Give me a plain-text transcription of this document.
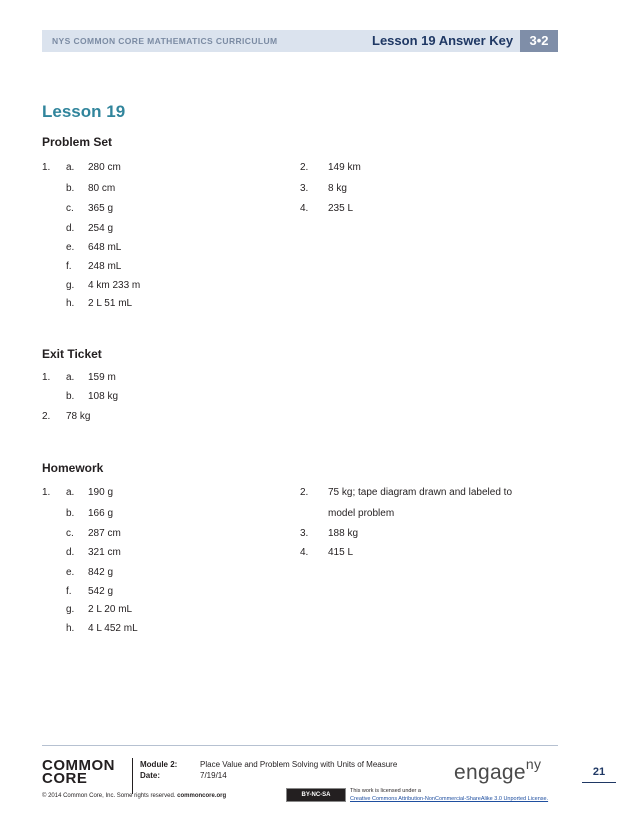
NYS COMMON CORE MATHEMATICS CURRICULUM	Lesson 19 Answer Key	3•2
Lesson 19
Problem Set
1. a. 280 cm
b. 80 cm
c. 365 g
d. 254 g
e. 648 mL
f. 248 mL
g. 4 km 233 m
h. 2 L 51 mL
2. 149 km
3. 8 kg
4. 235 L
Exit Ticket
1. a. 159 m
b. 108 kg
2. 78 kg
Homework
1. a. 190 g
b. 166 g
c. 287 cm
d. 321 cm
e. 842 g
f. 542 g
g. 2 L 20 mL
h. 4 L 452 mL
2. 75 kg; tape diagram drawn and labeled to
model problem
3. 188 kg
4. 415 L
COMMON
CORE
Module 2:	Place Value and Problem Solving with Units of Measure
Date:	7/19/14	engage$^{ny}$	21
© 2014 Common Core, Inc. Some rights reserved. commoncore.org	BY-NC-SA
This work is licensed under a
Creative Commons Attribution-NonCommercial-ShareAlike 3.0 Unported License.
